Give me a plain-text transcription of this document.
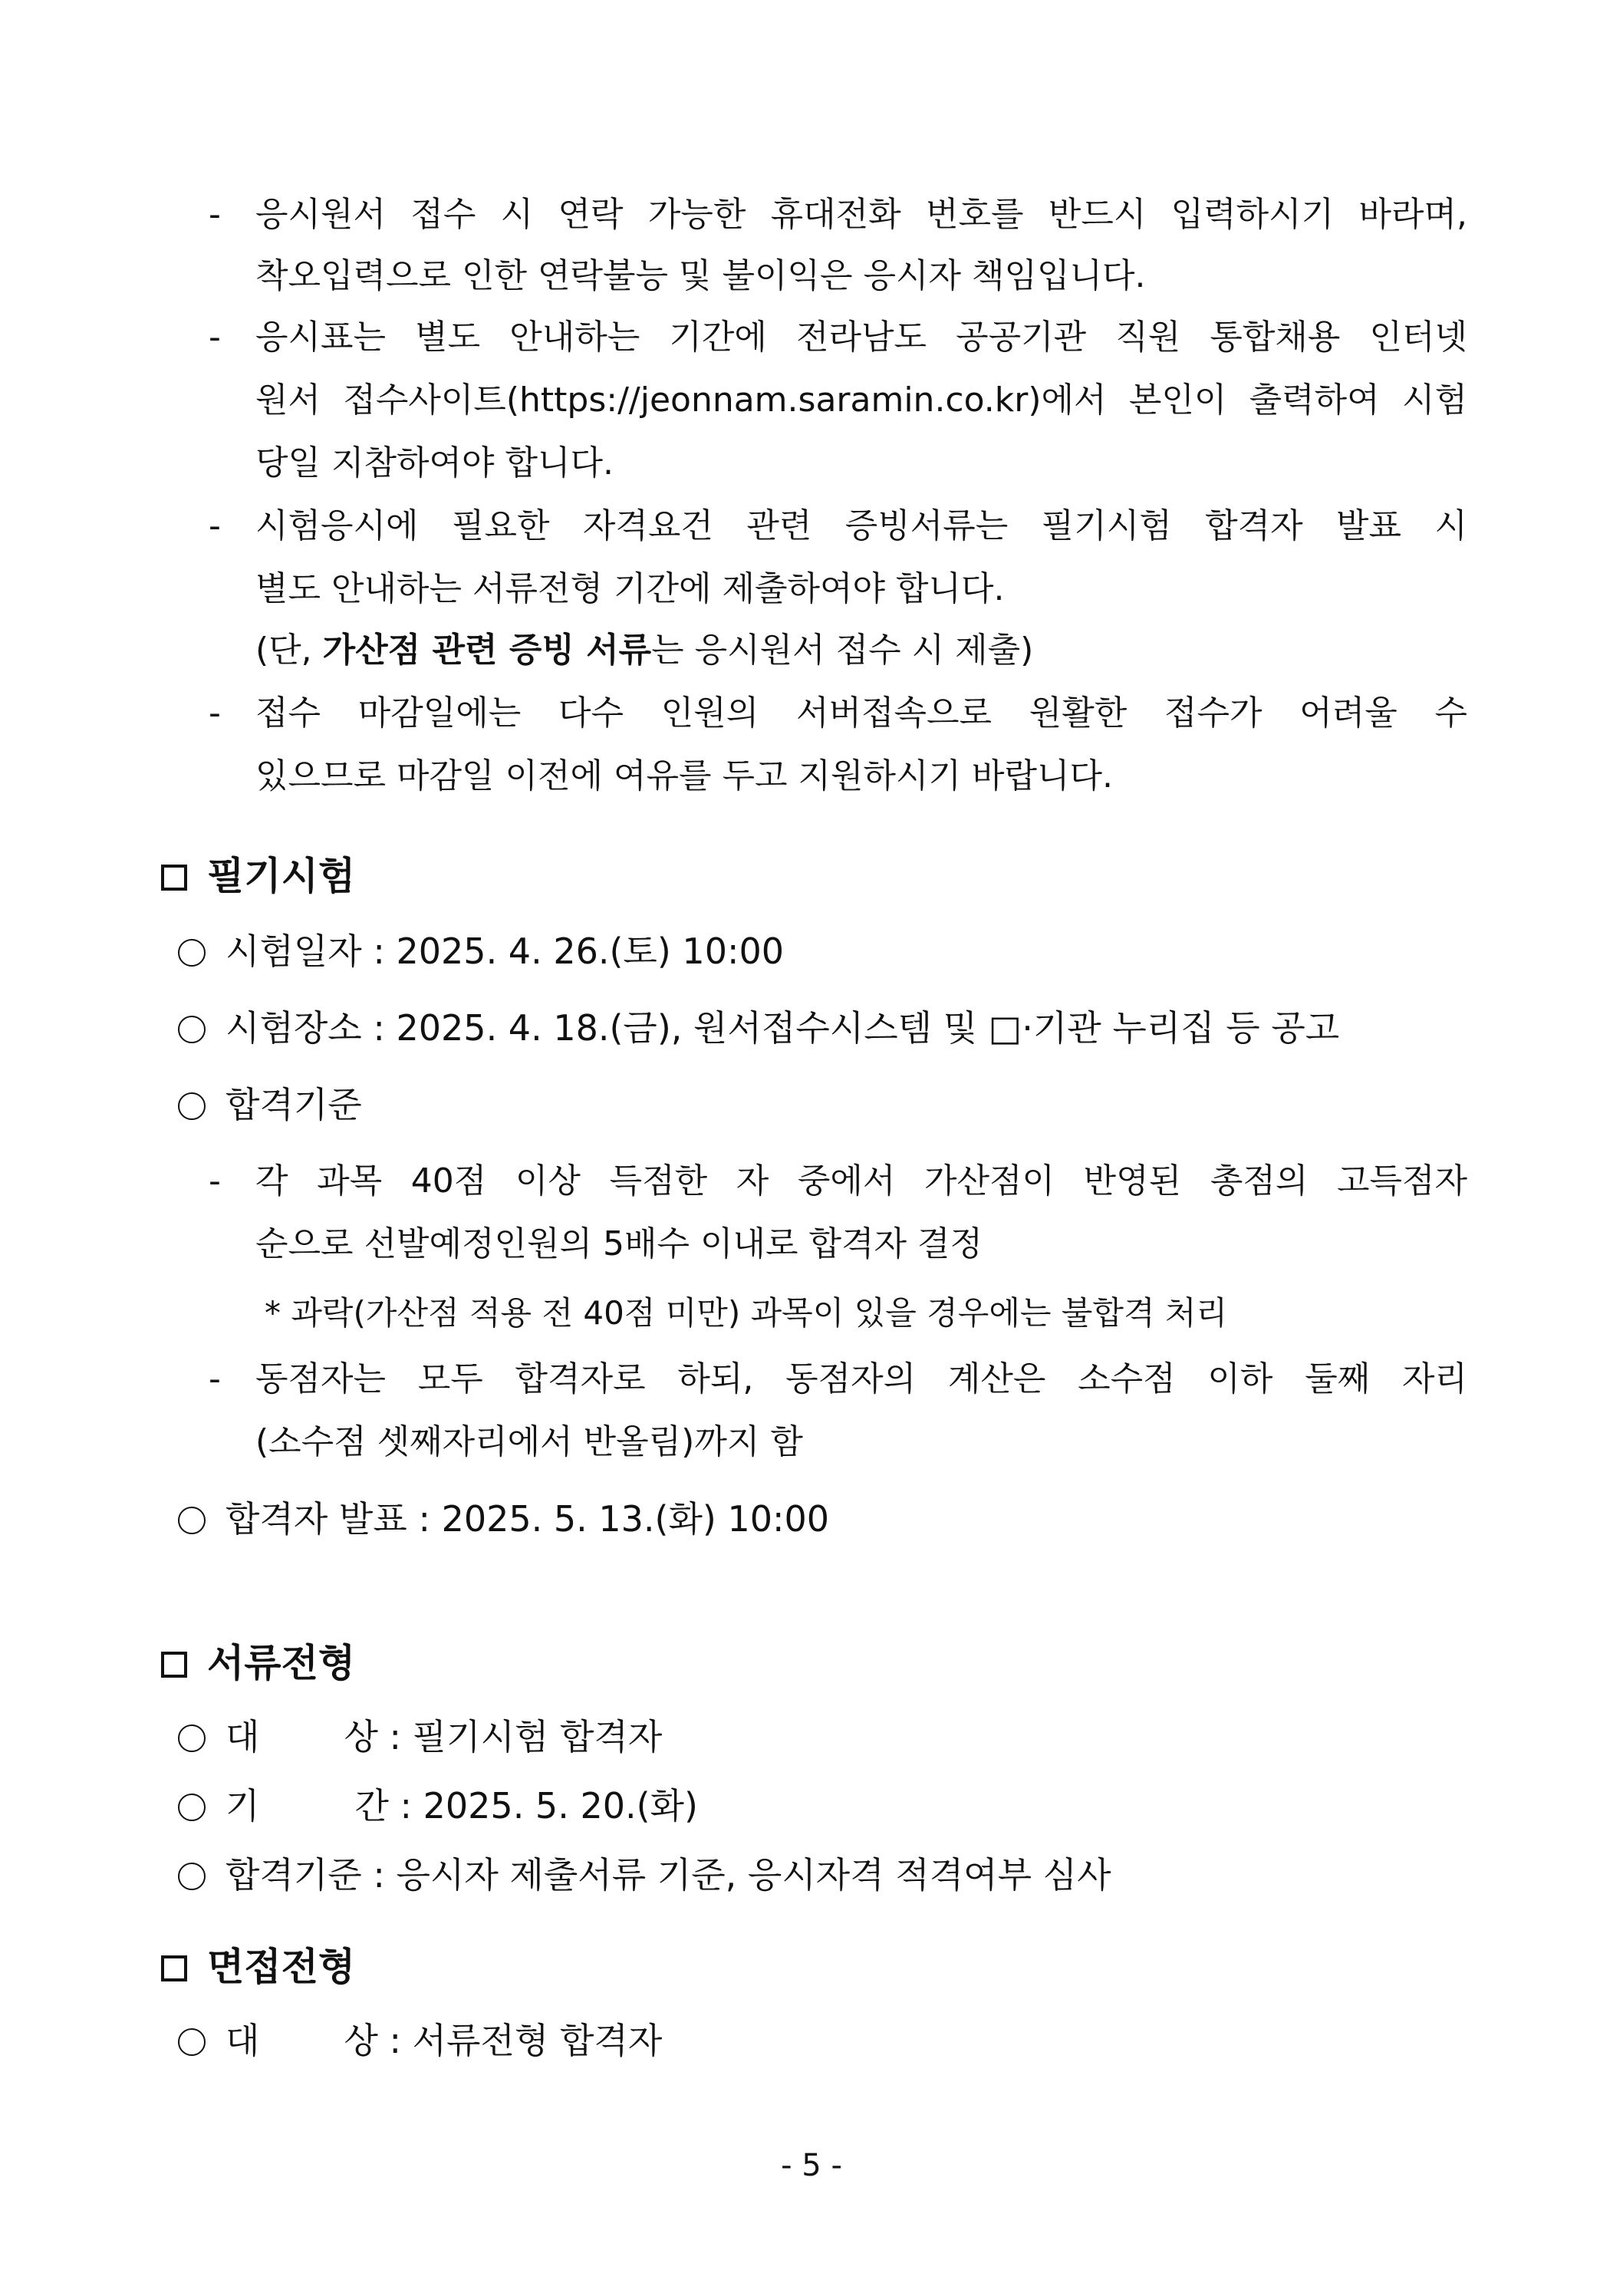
- 응시원서 접수 시 연락 가능한 휴대전화 번호를 반드시 입력하시기 바라며,
착오입력으로 인한 연락불능 및 불이익은 응시자 책임입니다.
- 응시표는 별도 안내하는 기간에 전라남도 공공기관 직원 통합채용 인터넷
원서 접수사이트(https://jeonnam.saramin.co.kr)에서 본인이 출력하여 시험
당일 지참하여야 합니다.
- 시험응시에 필요한 자격요건 관련 증빙서류는 필기시험 합격자 발표 시
별도 안내하는 서류전형 기간에 제출하여야 합니다.
(단, 가산점 관련 증빙 서류는 응시원서 접수 시 제출)
- 접수 마감일에는 다수 인원의 서버접속으로 원활한 접수가 어려울 수
있으므로 마감일 이전에 여유를 두고 지원하시기 바랍니다.
필기시험
시험일자 : 2025. 4. 26.(토) 10:00
시험장소 : 2025. 4. 18.(금), 원서접수시스템 및 □·기관 누리집 등 공고
합격기준
- 각 과목 40점 이상 득점한 자 중에서 가산점이 반영된 총점의 고득점자
순으로 선발예정인원의 5배수 이내로 합격자 결정
* 과락(가산점 적용 전 40점 미만) 과목이 있을 경우에는 불합격 처리
- 동점자는 모두 합격자로 하되, 동점자의 계산은 소수점 이하 둘째 자리
(소수점 셋째자리에서 반올림)까지 함
합격자 발표 : 2025. 5. 13.(화) 10:00
서류전형
대 상 : 필기시험 합격자
기	간 : 2025. 5. 20.(화)
합격기준 : 응시자 제출서류 기준, 응시자격 적격여부 심사
면접전형
대 상 : 서류전형 합격자
- 5 -
